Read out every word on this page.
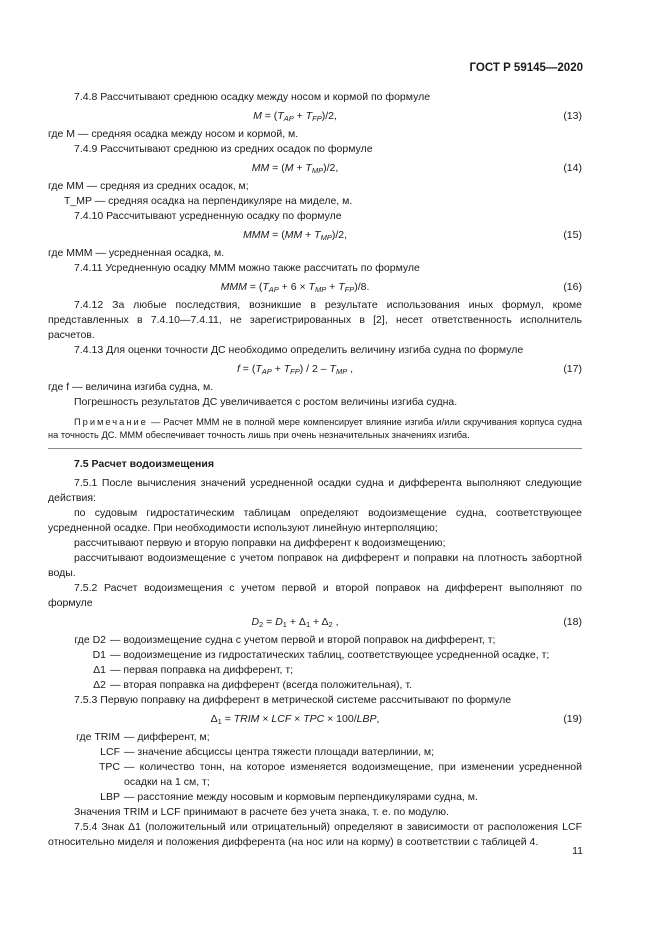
ГОСТ Р 59145—2020

7.4.8 Рассчитывают среднюю осадку между носом и кормой по формуле

$M = (T_{AP} + T_{FP})/2$,	(13)

где M — средняя осадка между носом и кормой, м.

7.4.9 Рассчитывают среднюю из средних осадок по формуле

MM = $(M + T_{MP})/2$,	(14)

где MM — средняя из средних осадок, м;

T_MP — средняя осадка на перпендикуляре на миделе, м.

7.4.10 Рассчитывают усредненную осадку по формуле

MMM = $(MM + T_{MP})/2$,	(15)

где MMM — усредненная осадка, м.

7.4.11 Усредненную осадку MMM можно также рассчитать по формуле

MMM = $(T_{AP} + 6 \times T_{MP} + T_{FP})/8$.	(16)

7.4.12 За любые последствия, возникшие в результате использования иных формул, кроме представленных в 7.4.10—7.4.11, не зарегистрированных в [2], несет ответственность исполнитель расчетов.

7.4.13 Для оценки точности ДС необходимо определить величину изгиба судна по формуле

$f = (T_{AP} + T_{FP}) / 2 - T_{MP}$ ,	(17)

где f — величина изгиба судна, м.

Погрешность результатов ДС увеличивается с ростом величины изгиба судна.

Примечание — Расчет MMM не в полной мере компенсирует влияние изгиба и/или скручивания корпуса судна на точность ДС. MMM обеспечивает точность лишь при очень незначительных значениях изгиба.

7.5 Расчет водоизмещения

7.5.1 После вычисления значений усредненной осадки судна и дифферента выполняют следующие действия:

по судовым гидростатическим таблицам определяют водоизмещение судна, соответствующее усредненной осадке. При необходимости используют линейную интерполяцию;

рассчитывают первую и вторую поправки на дифферент к водоизмещению;

рассчитывают водоизмещение с учетом поправок на дифферент и поправки на плотность забортной воды.

7.5.2 Расчет водоизмещения с учетом первой и второй поправок на дифферент выполняют по формуле

$D_2 = D_1 + \Delta_1 + \Delta_2$ ,	(18)
где D2 — водоизмещение судна с учетом первой и второй поправок на дифферент, т;
D1 — водоизмещение из гидростатических таблиц, соответствующее усредненной осадке, т;
Δ1 — первая поправка на дифферент, т;
Δ2 — вторая поправка на дифферент (всегда положительная), т.

7.5.3 Первую поправку на дифферент в метрической системе рассчитывают по формуле

$\Delta_1$ = TRIM × LCF × TPC × 100/LBP,	(19)
где TRIM — дифферент, м;
LCF — значение абсциссы центра тяжести площади ватерлинии, м;
TPC — количество тонн, на которое изменяется водоизмещение, при изменении усредненной осадки на 1 см, т;
LBP — расстояние между носовым и кормовым перпендикулярами судна, м.

Значения TRIM и LCF принимают в расчете без учета знака, т. е. по модулю.

7.5.4 Знак Δ1 (положительный или отрицательный) определяют в зависимости от расположения LCF относительно миделя и положения дифферента (на нос или на корму) в соответствии с таблицей 4.

11
